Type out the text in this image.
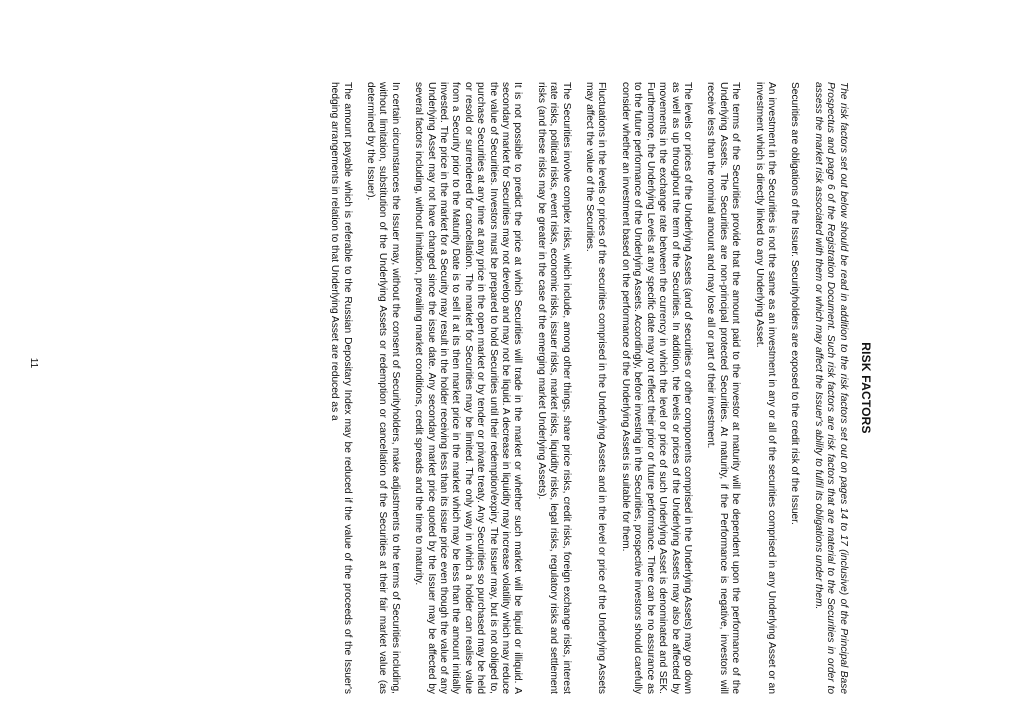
RISK FACTORS

The risk factors set out below should be read in addition to the risk factors set out on pages 14 to 17 (inclusive) of the Principal Base Prospectus and page 6 of the Registration Document. Such risk factors are risk factors that are material to the Securities in order to assess the market risk associated with them or which may affect the Issuer's ability to fulfil its obligations under them.

Securities are obligations of the Issuer. Securityholders are exposed to the credit risk of the Issuer.

An investment in the Securities is not the same as an investment in any or all of the securities comprised in any Underlying Asset or an investment which is directly linked to any Underlying Asset.

The terms of the Securities provide that the amount paid to the investor at maturity will be dependent upon the performance of the Underlying Assets. The Securities are non-principal protected Securities. At maturity, if the Performance is negative, investors will receive less than the nominal amount and may lose all or part of their investment.

The levels or prices of the Underlying Assets (and of securities or other components comprised in the Underlying Assets) may go down as well as up throughout the term of the Securities. In addition, the levels or prices of the Underlying Assets may also be affected by movements in the exchange rate between the currency in which the level or price of such Underlying Asset is denominated and SEK. Furthermore, the Underlying Levels at any specific date may not reflect their prior or future performance. There can be no assurance as to the future performance of the Underlying Assets. Accordingly, before investing in the Securities, prospective investors should carefully consider whether an investment based on the performance of the Underlying Assets is suitable for them.

Fluctuations in the levels or prices of the securities comprised in the Underlying Assets and in the level or price of the Underlying Assets may affect the value of the Securities.

The Securities involve complex risks, which include, among other things, share price risks, credit risks, foreign exchange risks, interest rate risks, political risks, event risks, economic risks, issuer risks, market risks, liquidity risks, legal risks, regulatory risks and settlement risks (and these risks may be greater in the case of the emerging market Underlying Assets).

It is not possible to predict the price at which Securities will trade in the market or whether such market will be liquid or illiquid. A secondary market for Securities may not develop and may not be liquid. A decrease in liquidity may increase volatility which may reduce the value of Securities. Investors must be prepared to hold Securities until their redemption/expiry. The Issuer may, but is not obliged to, purchase Securities at any time at any price in the open market or by tender or private treaty. Any Securities so purchased may be held or resold or surrendered for cancellation. The market for Securities may be limited. The only way in which a holder can realise value from a Security prior to the Maturity Date is to sell it at its then market price in the market which may be less than the amount initially invested. The price in the market for a Security may result in the holder receiving less than its issue price even though the value of any Underlying Asset may not have changed since the issue date. Any secondary market price quoted by the Issuer may be affected by several factors including, without limitation, prevailing market conditions, credit spreads and the time to maturity.

In certain circumstances the Issuer may, without the consent of Securityholders, make adjustments to the terms of Securities including, without limitation, substitution of the Underlying Assets or redemption or cancellation of the Securities at their fair market value (as determined by the Issuer).

The amount payable which is referable to the Russian Depositary Index may be reduced if the value of the proceeds of the Issuer's hedging arrangements in relation to that Underlying Asset are reduced as a

11
